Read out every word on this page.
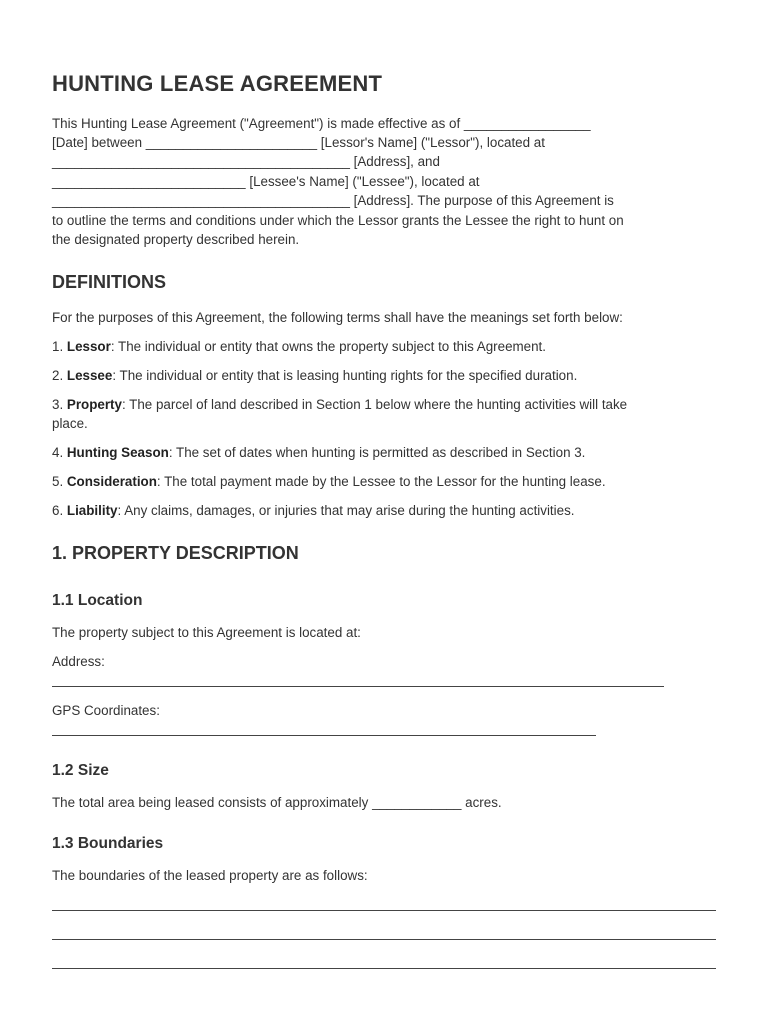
HUNTING LEASE AGREEMENT

This Hunting Lease Agreement ("Agreement") is made effective as of _________________

[Date] between _______________________ [Lessor's Name] ("Lessor"), located at

________________________________________ [Address], and

__________________________ [Lessee's Name] ("Lessee"), located at

________________________________________ [Address]. The purpose of this Agreement is

to outline the terms and conditions under which the Lessor grants the Lessee the right to hunt on

the designated property described herein.

DEFINITIONS

For the purposes of this Agreement, the following terms shall have the meanings set forth below:

1. Lessor: The individual or entity that owns the property subject to this Agreement.

2. Lessee: The individual or entity that is leasing hunting rights for the specified duration.

3. Property: The parcel of land described in Section 1 below where the hunting activities will take

place.

4. Hunting Season: The set of dates when hunting is permitted as described in Section 3.

5. Consideration: The total payment made by the Lessee to the Lessor for the hunting lease.

6. Liability: Any claims, damages, or injuries that may arise during the hunting activities.

1. PROPERTY DESCRIPTION
1.1 Location

The property subject to this Agreement is located at:

Address:

GPS Coordinates:

1.2 Size

The total area being leased consists of approximately ____________ acres.

1.3 Boundaries

The boundaries of the leased property are as follows:
